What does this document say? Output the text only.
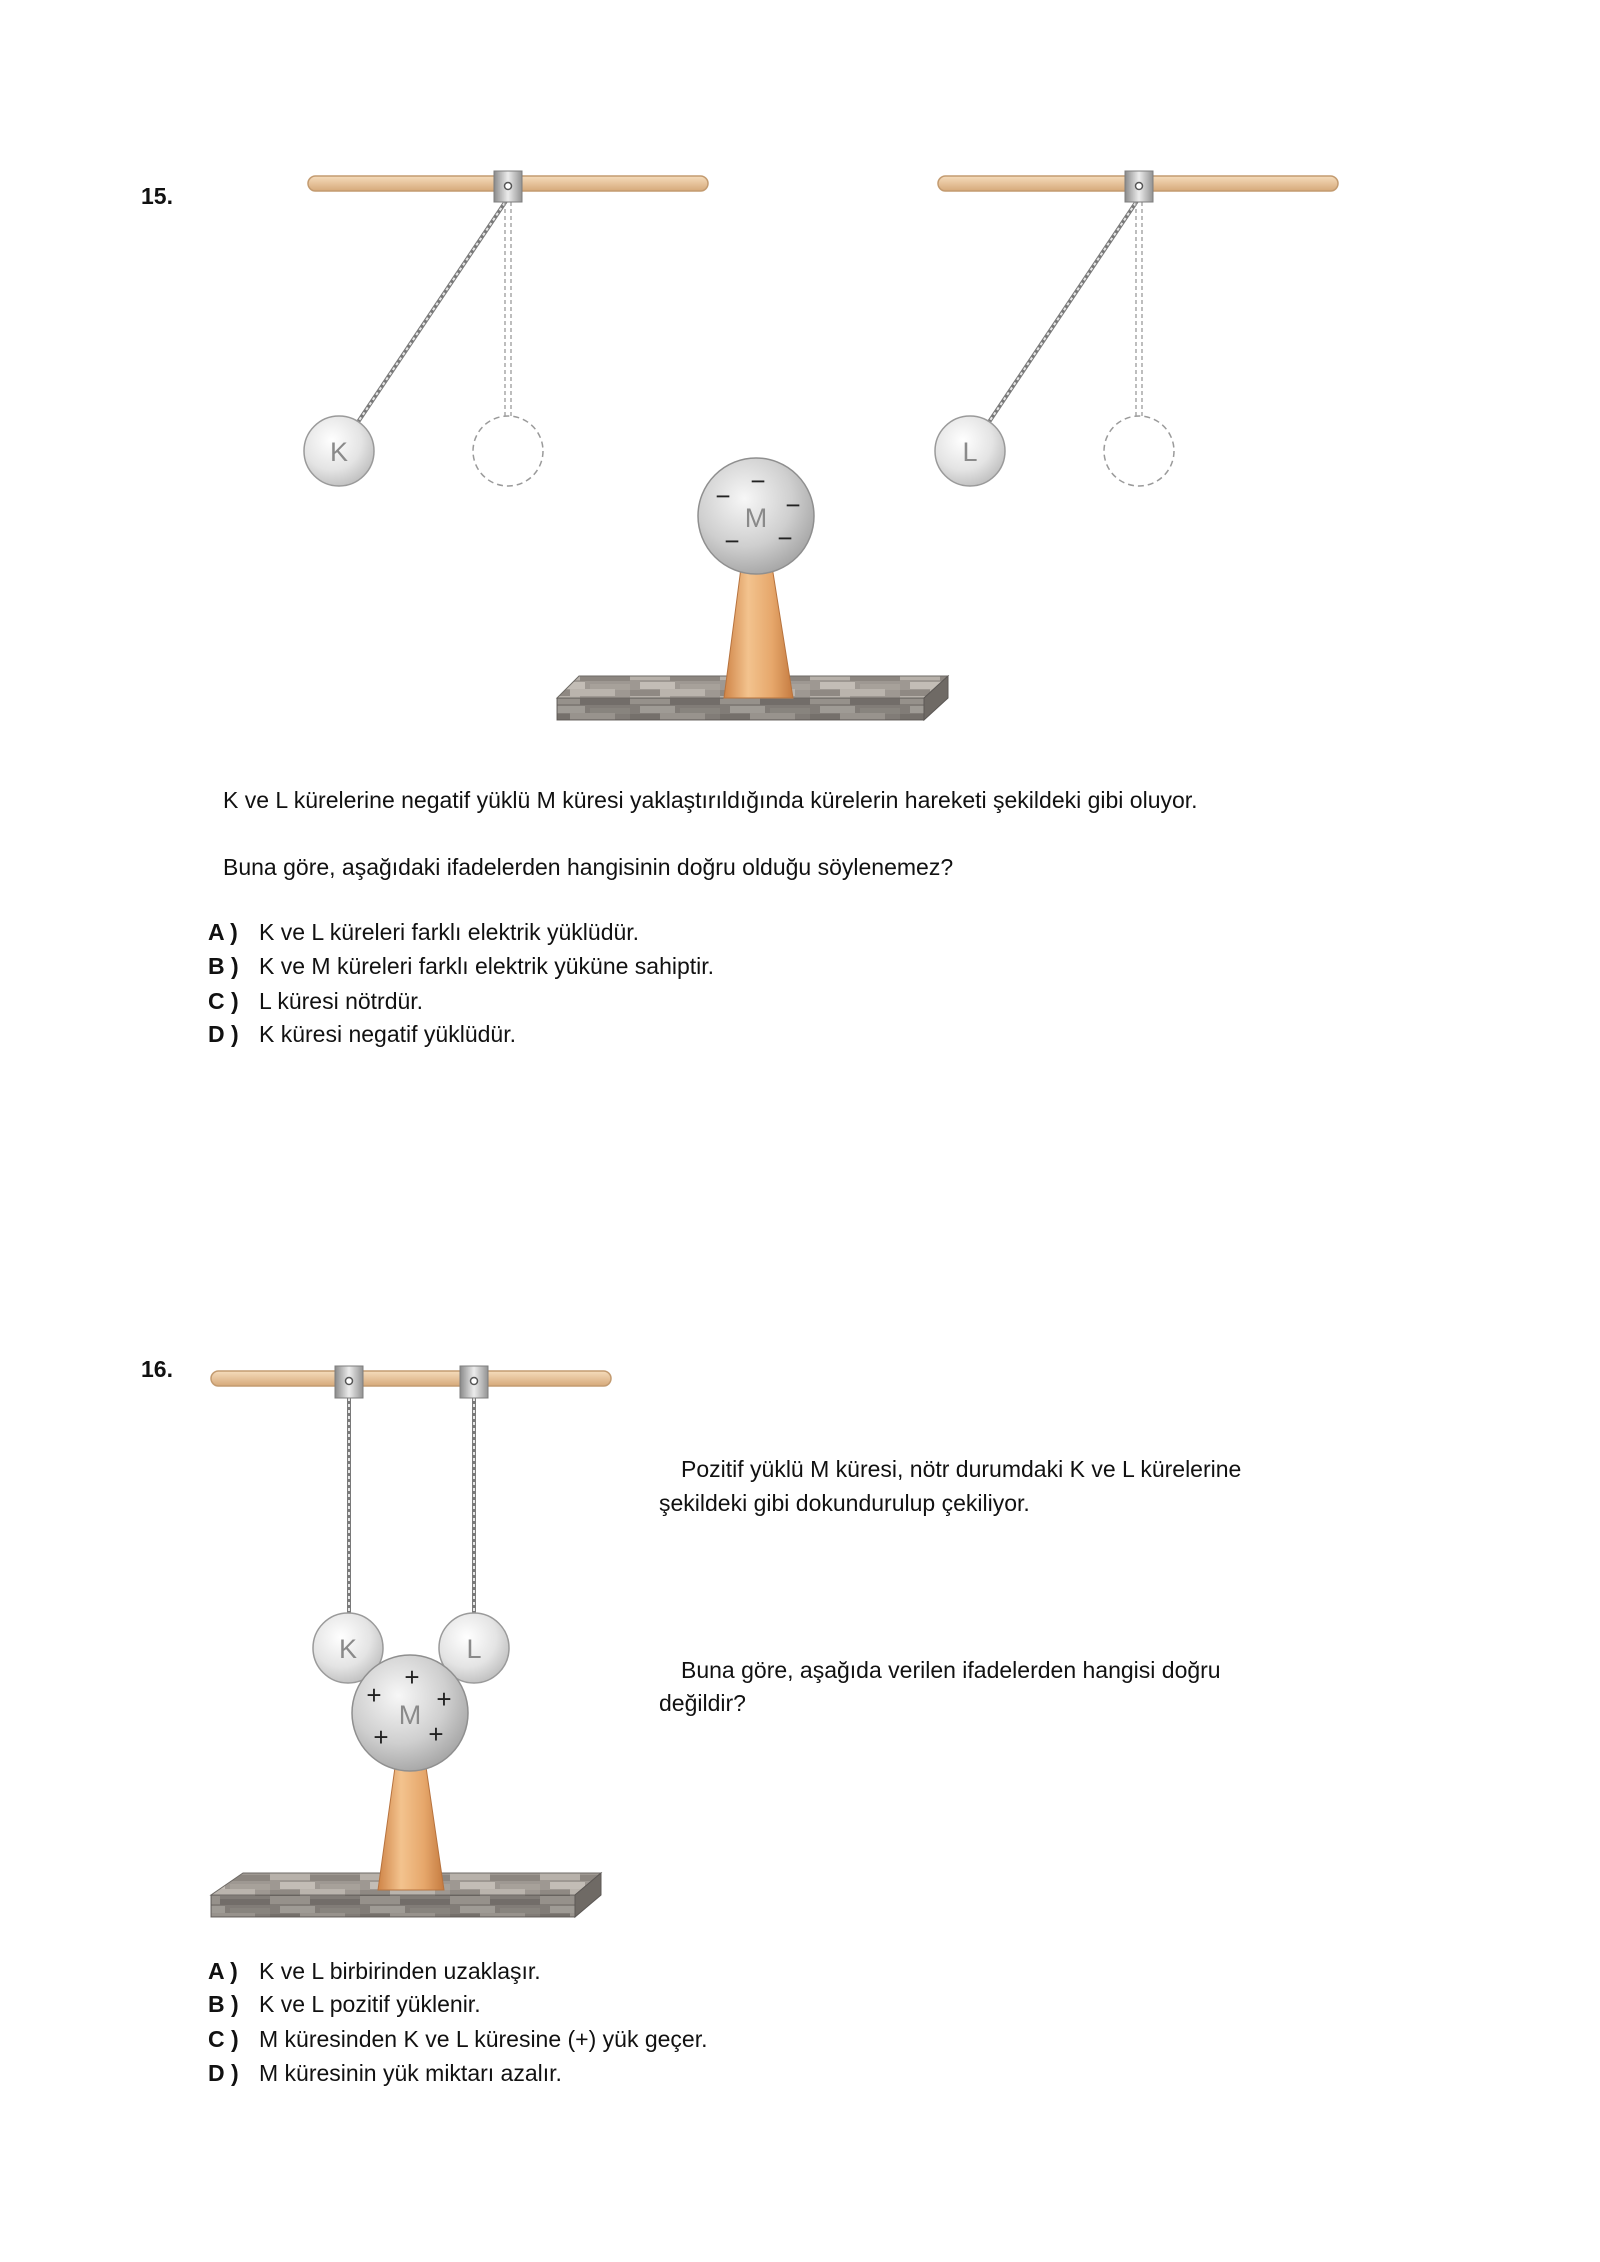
K	L
M
−
− −
− −
K	L
M
+
+ +
+ +
15.
K ve L kürelerine negatif yüklü M küresi yaklaştırıldığında kürelerin hareketi şekildeki gibi oluyor.
Buna göre, aşağıdaki ifadelerden hangisinin doğru olduğu söylenemez?
A ) K ve L küreleri farklı elektrik yüklüdür.
B ) K ve M küreleri farklı elektrik yüküne sahiptir.
C ) L küresi nötrdür.
D ) K küresi negatif yüklüdür.
16.
Pozitif yüklü M küresi, nötr durumdaki K ve L kürelerine
şekildeki gibi dokundurulup çekiliyor.
Buna göre, aşağıda verilen ifadelerden hangisi doğru
değildir?
A ) K ve L birbirinden uzaklaşır.
B ) K ve L pozitif yüklenir.
C ) M küresinden K ve L küresine (+) yük geçer.
D ) M küresinin yük miktarı azalır.
